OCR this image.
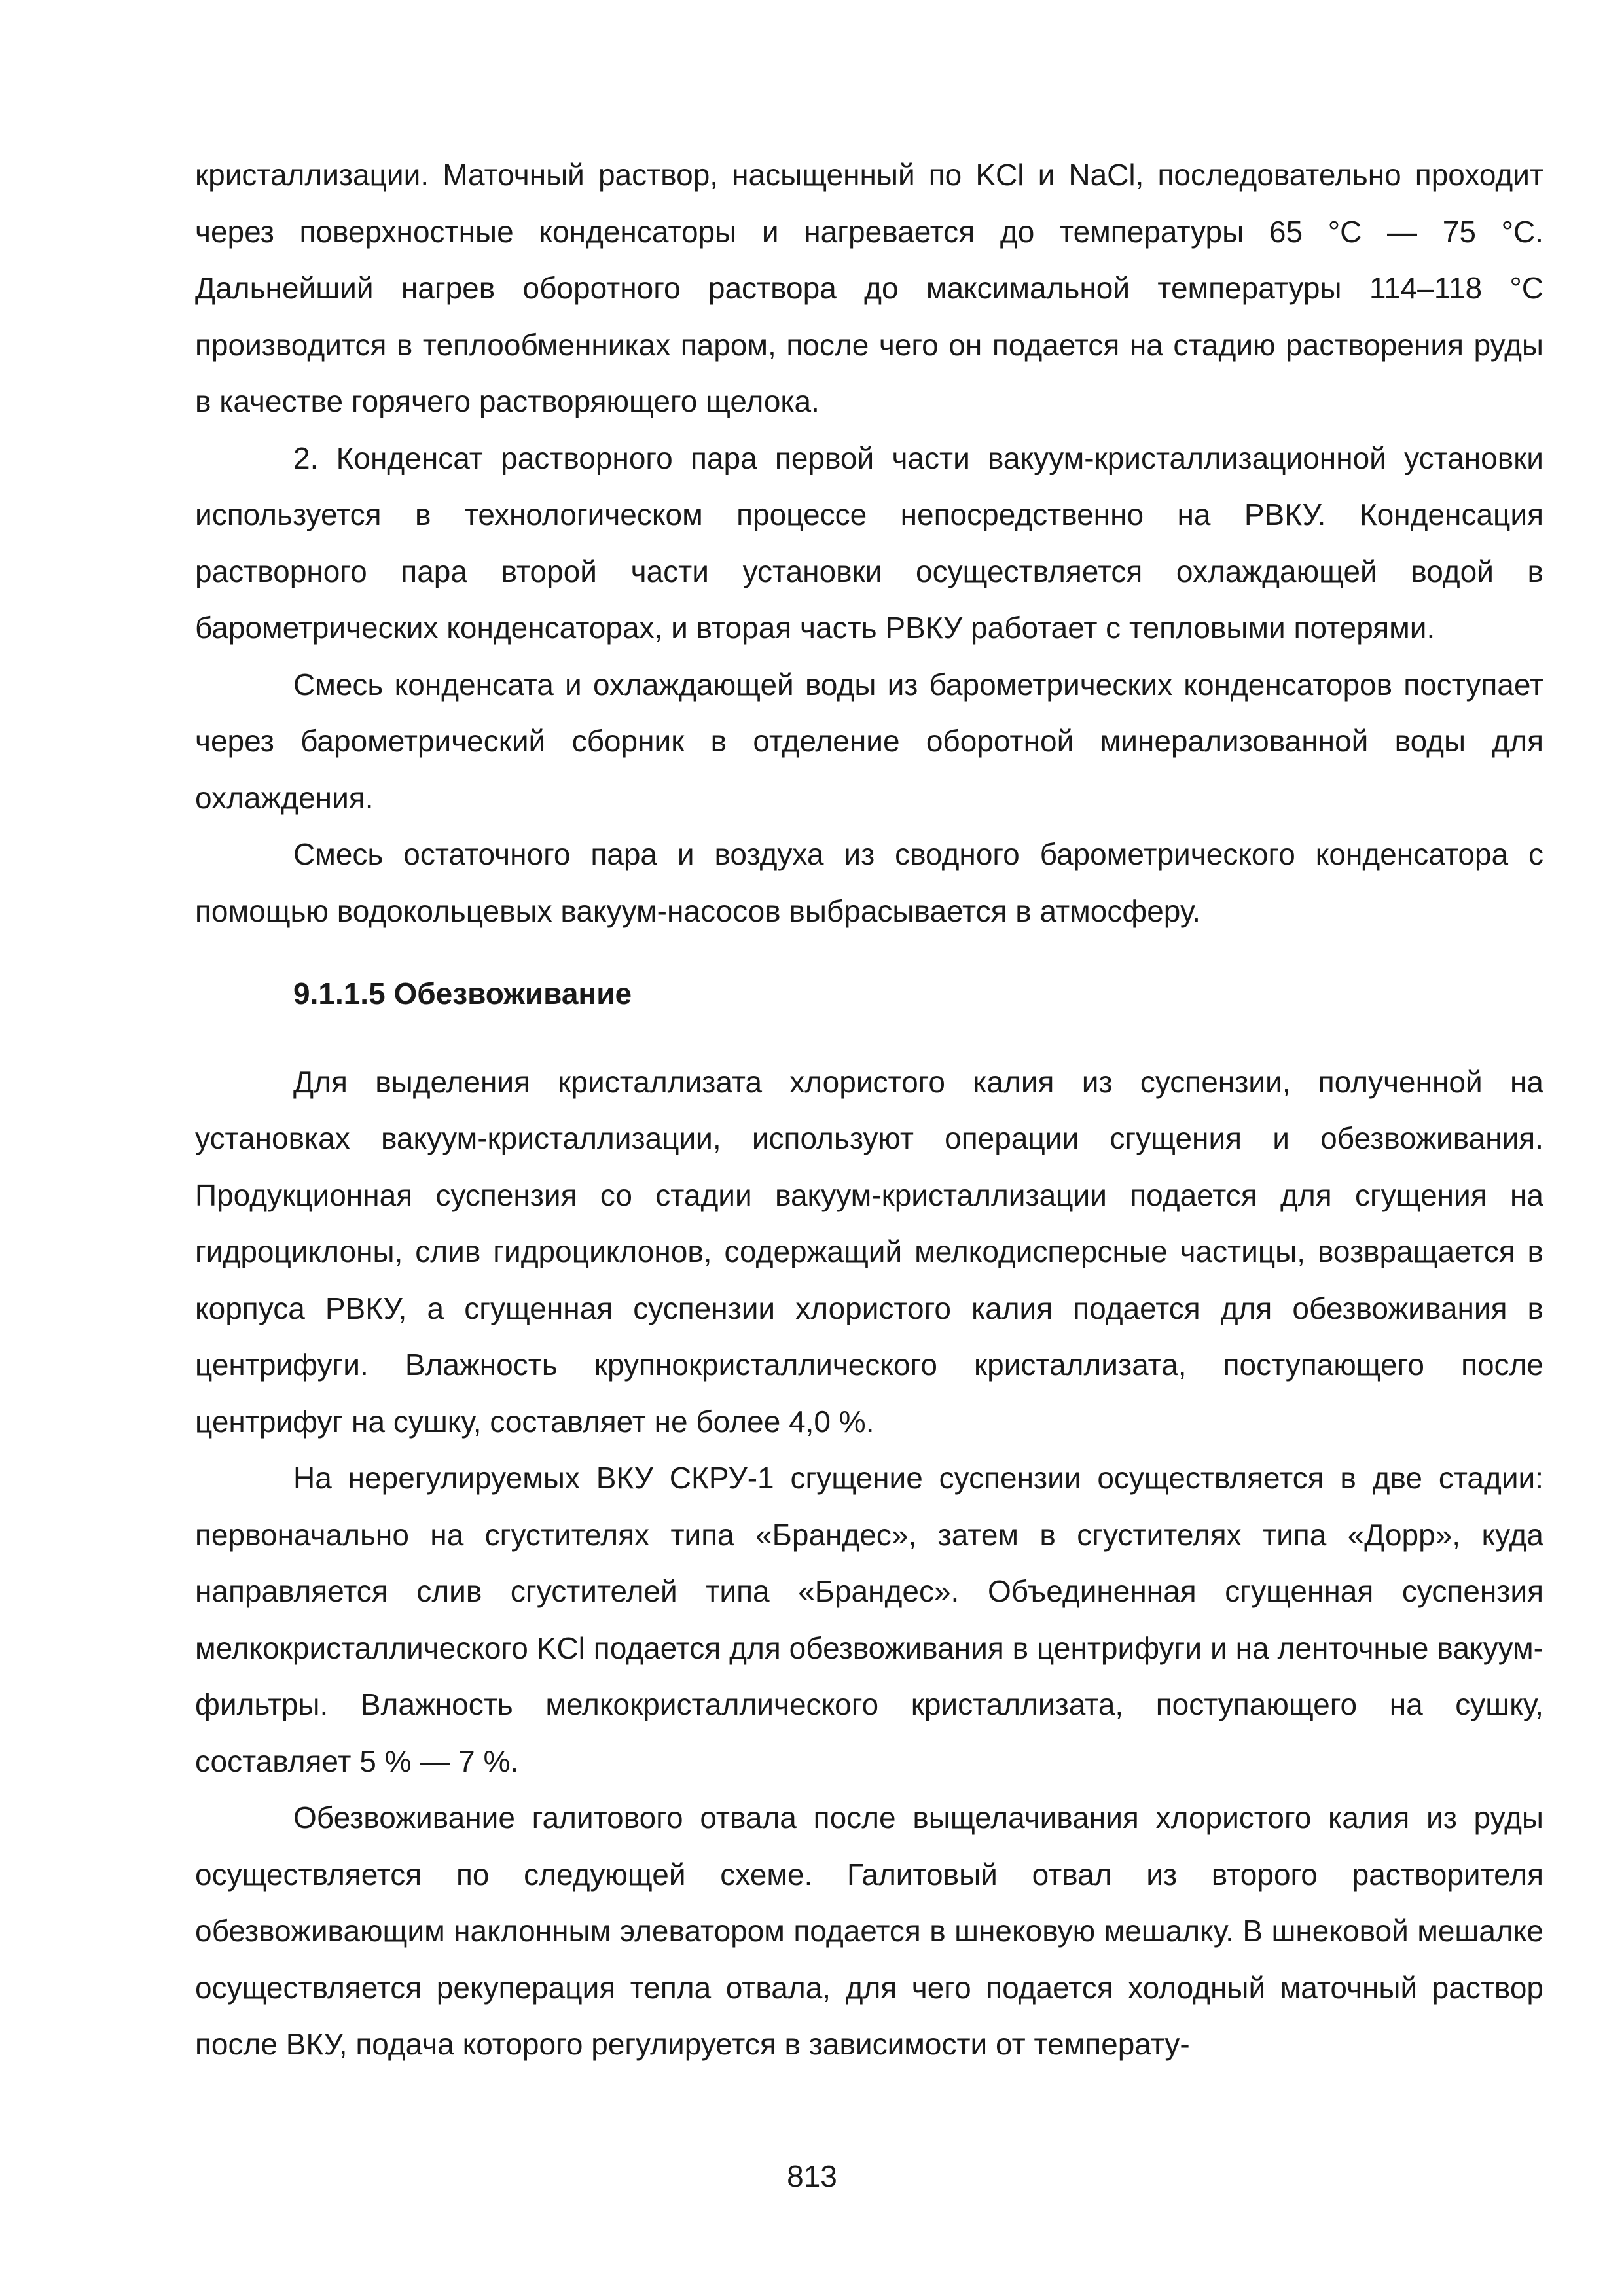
кристаллизации. Маточный раствор, насыщенный по KCl и NaCl, последовательно проходит через поверхностные конденсаторы и нагревается до температуры 65 °C — 75 °C. Дальнейший нагрев оборотного раствора до максимальной температуры 114–118 °C производится в теплообменниках паром, после чего он подается на стадию растворения руды в качестве горячего растворяющего щелока.

2. Конденсат растворного пара первой части вакуум-кристаллизационной установки используется в технологическом процессе непосредственно на РВКУ. Конденсация растворного пара второй части установки осуществляется охлаждающей водой в барометрических конденсаторах, и вторая часть РВКУ работает с тепловыми потерями.

Смесь конденсата и охлаждающей воды из барометрических конденсаторов поступает через барометрический сборник в отделение оборотной минерализованной воды для охлаждения.

Смесь остаточного пара и воздуха из сводного барометрического конденсатора с помощью водокольцевых вакуум-насосов выбрасывается в атмосферу.

9.1.1.5 Обезвоживание

Для выделения кристаллизата хлористого калия из суспензии, полученной на установках вакуум-кристаллизации, используют операции сгущения и обезвоживания. Продукционная суспензия со стадии вакуум-кристаллизации подается для сгущения на гидроциклоны, слив гидроциклонов, содержащий мелкодисперсные частицы, возвращается в корпуса РВКУ, а сгущенная суспензии хлористого калия подается для обезвоживания в центрифуги. Влажность крупнокристаллического кристаллизата, поступающего после центрифуг на сушку, составляет не более 4,0 %.

На нерегулируемых ВКУ СКРУ-1 сгущение суспензии осуществляется в две стадии: первоначально на сгустителях типа «Брандес», затем в сгустителях типа «Дорр», куда направляется слив сгустителей типа «Брандес». Объединенная сгущенная суспензия мелкокристаллического KCl подается для обезвоживания в центрифуги и на ленточные вакуум-фильтры. Влажность мелкокристаллического кристаллизата, поступающего на сушку, составляет 5 % — 7 %.

Обезвоживание галитового отвала после выщелачивания хлористого калия из руды осуществляется по следующей схеме. Галитовый отвал из второго растворителя обезвоживающим наклонным элеватором подается в шнековую мешалку. В шнековой мешалке осуществляется рекуперация тепла отвала, для чего подается холодный маточный раствор после ВКУ, подача которого регулируется в зависимости от температу-

813
